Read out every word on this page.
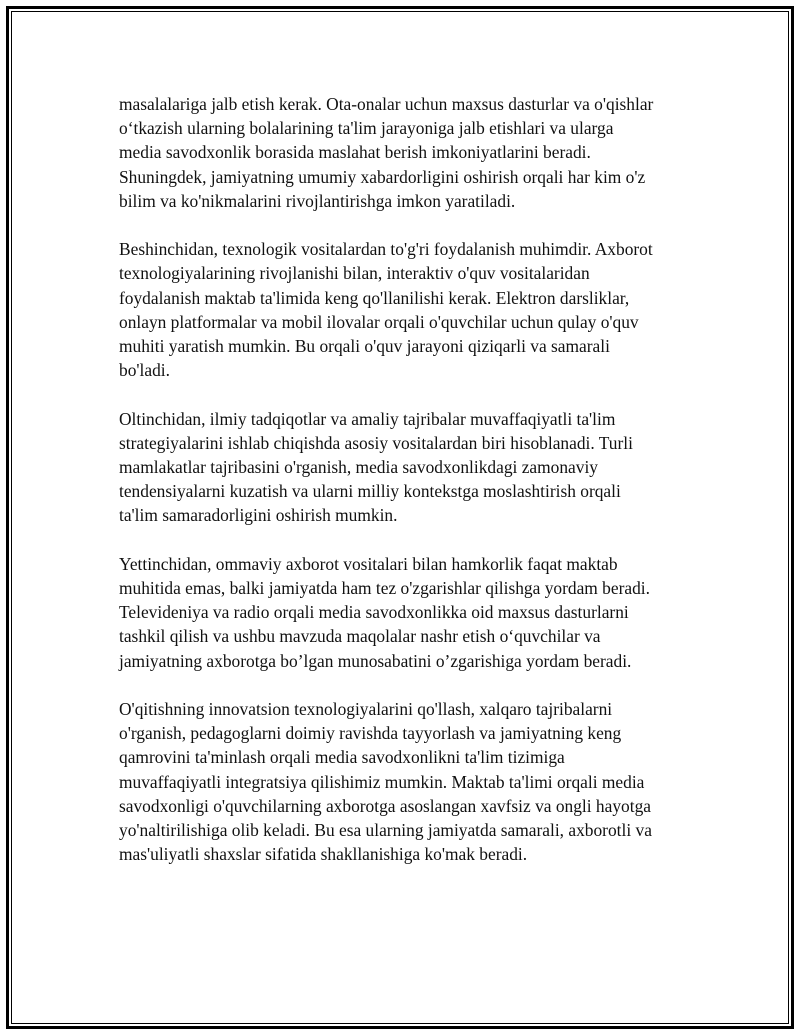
masalalariga jalb etish kerak. Ota-onalar uchun maxsus dasturlar va o'qishlar
o‘tkazish ularning bolalarining ta'lim jarayoniga jalb etishlari va ularga
media savodxonlik borasida maslahat berish imkoniyatlarini beradi.
Shuningdek, jamiyatning umumiy xabardorligini oshirish orqali har kim o'z
bilim va ko'nikmalarini rivojlantirishga imkon yaratiladi.

Beshinchidan, texnologik vositalardan to'g'ri foydalanish muhimdir. Axborot
texnologiyalarining rivojlanishi bilan, interaktiv o'quv vositalaridan
foydalanish maktab ta'limida keng qo'llanilishi kerak. Elektron darsliklar,
onlayn platformalar va mobil ilovalar orqali o'quvchilar uchun qulay o'quv
muhiti yaratish mumkin. Bu orqali o'quv jarayoni qiziqarli va samarali
bo'ladi.

Oltinchidan, ilmiy tadqiqotlar va amaliy tajribalar muvaffaqiyatli ta'lim
strategiyalarini ishlab chiqishda asosiy vositalardan biri hisoblanadi. Turli
mamlakatlar tajribasini o'rganish, media savodxonlikdagi zamonaviy
tendensiyalarni kuzatish va ularni milliy kontekstga moslashtirish orqali
ta'lim samaradorligini oshirish mumkin.

Yettinchidan, ommaviy axborot vositalari bilan hamkorlik faqat maktab
muhitida emas, balki jamiyatda ham tez o'zgarishlar qilishga yordam beradi.
Televideniya va radio orqali media savodxonlikka oid maxsus dasturlarni
tashkil qilish va ushbu mavzuda maqolalar nashr etish o‘quvchilar va
jamiyatning axborotga bo’lgan munosabatini o’zgarishiga yordam beradi.

O'qitishning innovatsion texnologiyalarini qo'llash, xalqaro tajribalarni
o'rganish, pedagoglarni doimiy ravishda tayyorlash va jamiyatning keng
qamrovini ta'minlash orqali media savodxonlikni ta'lim tizimiga
muvaffaqiyatli integratsiya qilishimiz mumkin. Maktab ta'limi orqali media
savodxonligi o'quvchilarning axborotga asoslangan xavfsiz va ongli hayotga
yo'naltirilishiga olib keladi. Bu esa ularning jamiyatda samarali, axborotli va
mas'uliyatli shaxslar sifatida shakllanishiga ko'mak beradi.
